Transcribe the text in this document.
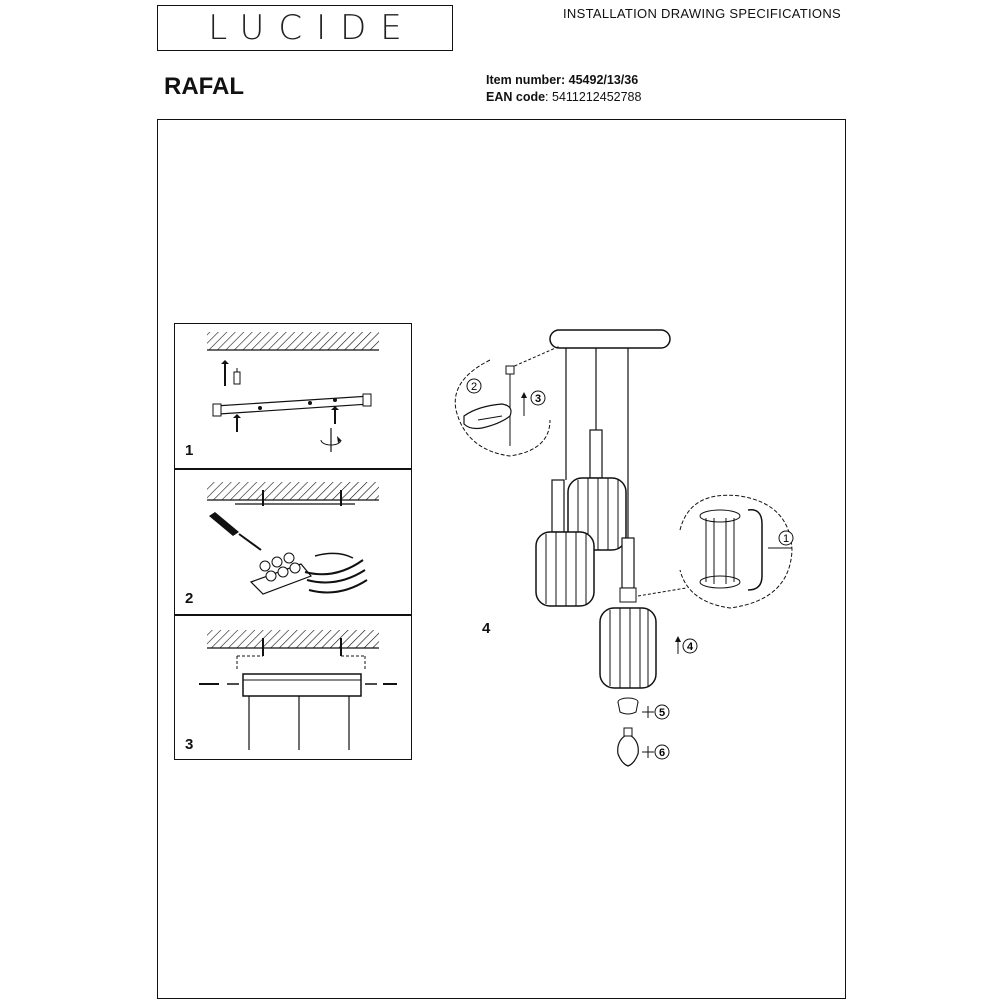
LUCIDE	INSTALLATION DRAWING SPECIFICATIONS
RAFAL	Item number: 45492/13/36
EAN code: 5411212452788
1
2
3
2
3
1
4
5
6
4
